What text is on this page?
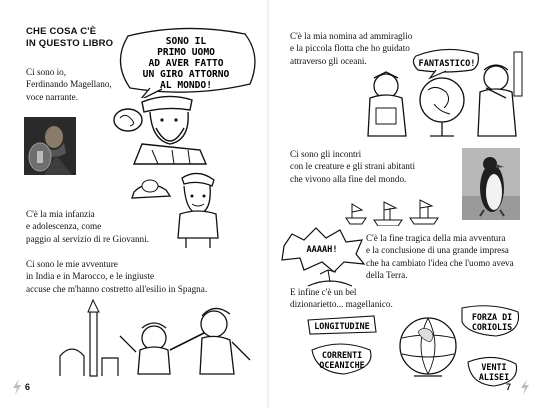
CHE COSA C'È
IN QUESTO LIBRO	SONO IL
PRIMO UOMO
AD AVER FATTO
UN GIRO ATTORNO
AL MONDO!
Ci sono io,
Ferdinando Magellano,
voce narrante.
C'è la mia infanzia
e adolescenza, come
paggio al servizio di re Giovanni.
Ci sono le mie avventure
in India e in Marocco, e le ingiuste
accuse che m'hanno costretto all'esilio in Spagna.
6
C'è la mia nomina ad ammiraglio
e la piccola flotta che ho guidato
attraverso gli oceani.	FANTASTICO!
Ci sono gli incontri
con le creature e gli strani abitanti
che vivono alla fine del mondo.
AAAAH!
C'è la fine tragica della mia avventura
e la conclusione di una grande impresa
che ha cambiato l'idea che l'uomo aveva
della Terra.
E infine c'è un bel
dizionarietto... magellanico.
LONGITUDINE
FORZA DI
CORIOLIS
CORRENTI
OCEANICHE	VENTI
ALISEI
7
